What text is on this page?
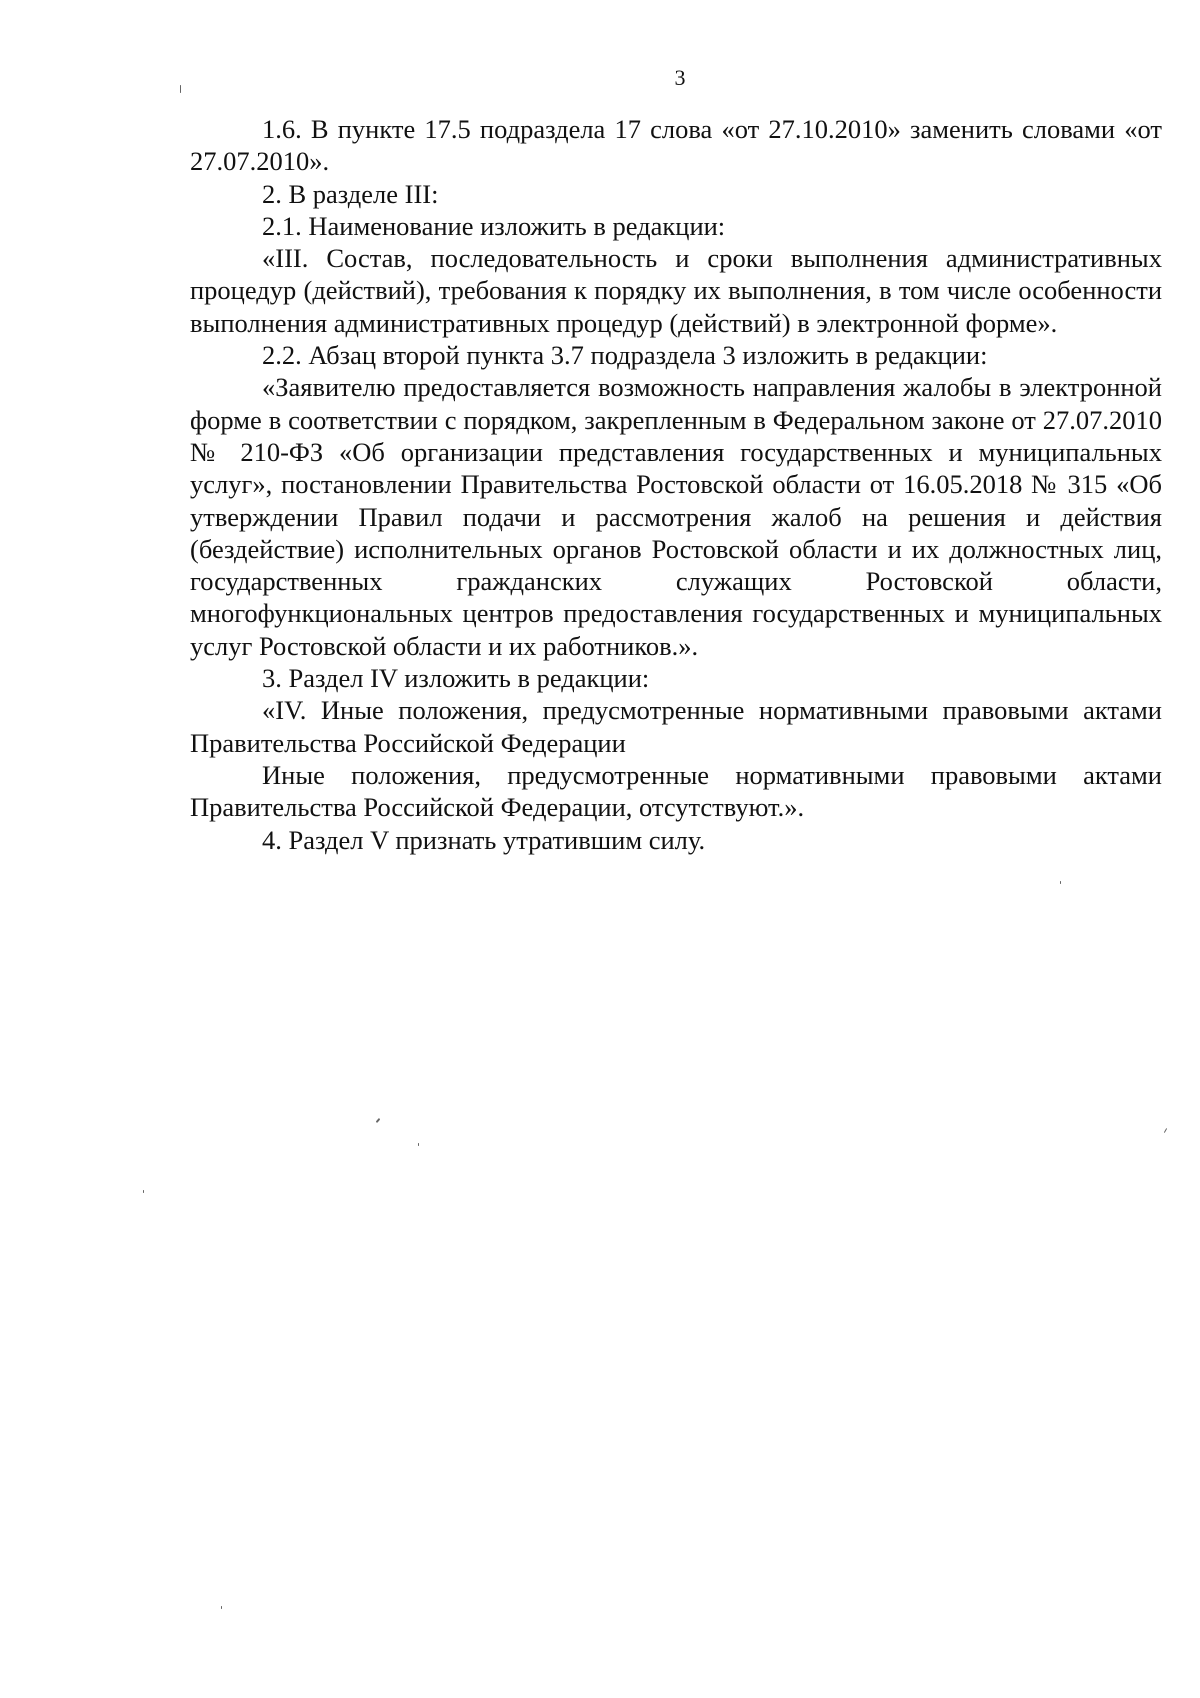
3

1.6. В пункте 17.5 подраздела 17 слова «от 27.10.2010» заменить словами «от 27.07.2010».

2. В разделе III:

2.1. Наименование изложить в редакции:

«III. Состав, последовательность и сроки выполнения административных процедур (действий), требования к порядку их выполнения, в том числе особенности выполнения административных процедур (действий) в электронной форме».

2.2. Абзац второй пункта 3.7 подраздела 3 изложить в редакции:

«Заявителю предоставляется возможность направления жалобы в электронной форме в соответствии с порядком, закрепленным в Федеральном законе от 27.07.2010 № 210-ФЗ «Об организации представления государственных и муниципальных услуг», постановлении Правительства Ростовской области от 16.05.2018 № 315 «Об утверждении Правил подачи и рассмотрения жалоб на решения и действия (бездействие) исполнительных органов Ростовской области и их должностных лиц, государственных гражданских служащих Ростовской области, многофункциональных центров предоставления государственных и муниципальных услуг Ростовской области и их работников.».

3. Раздел IV изложить в редакции:

«IV. Иные положения, предусмотренные нормативными правовыми актами Правительства Российской Федерации

Иные положения, предусмотренные нормативными правовыми актами Правительства Российской Федерации, отсутствуют.».

4. Раздел V признать утратившим силу.
